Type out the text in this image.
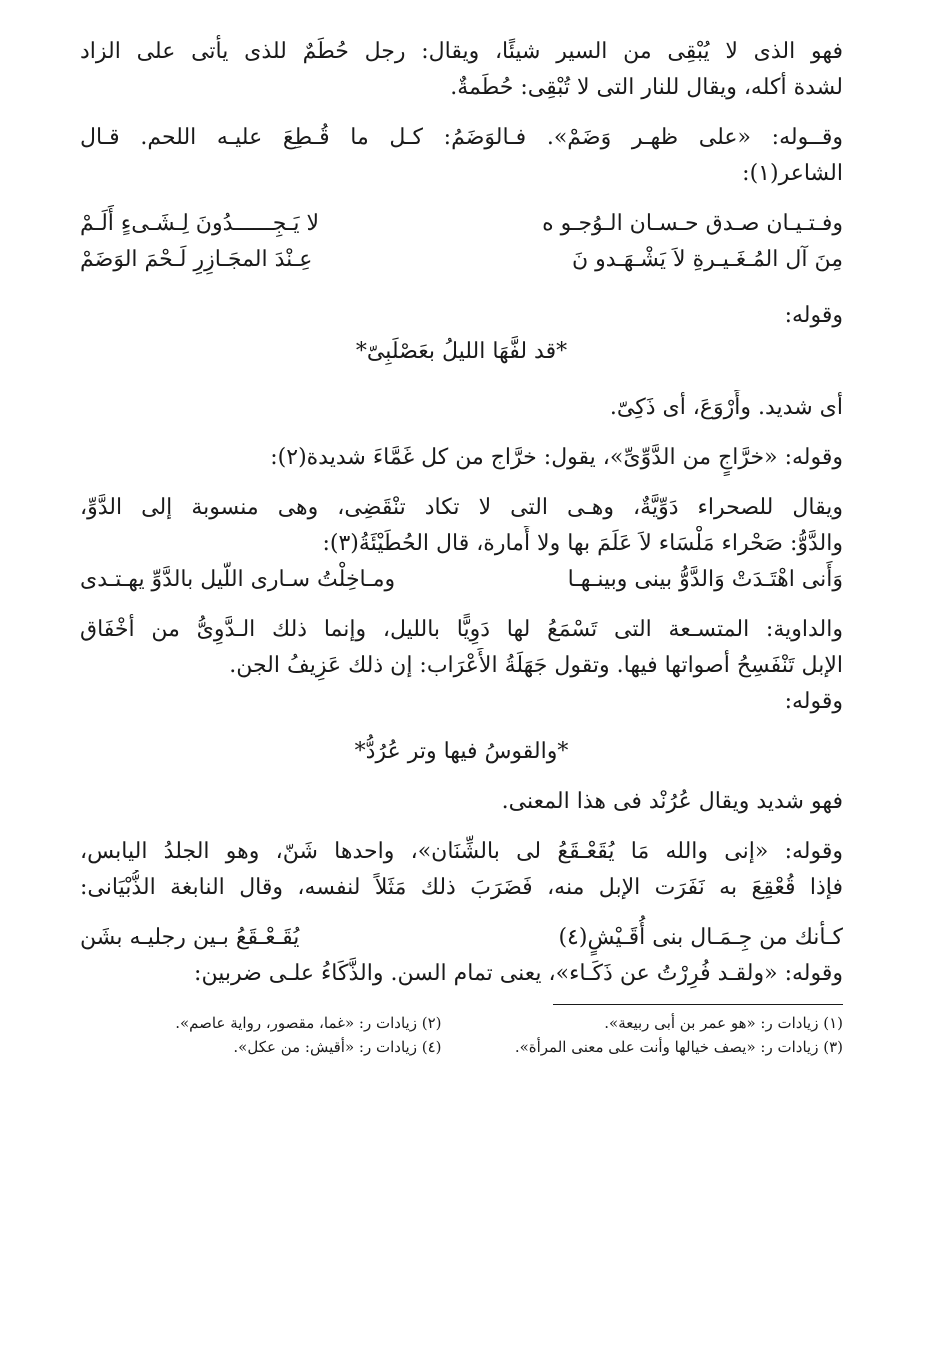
فهو الذى لا يُبْقِى من السير شيئًا، ويقال: رجل حُطَمٌ للذى يأتى على الزاد
لشدة أكله، ويقال للنار التى لا تُبْقِى: حُطَمةٌ.
وقــوله: «على ظهـر وَضَمْ». فـالوَضَمُ: كـل ما قُـطِعَ عليـه اللحم. قـال
الشاعر(١):
وفـتـيـان صـدق حـسـان الـوُجـو ه
لا يَـجِــــــدُونَ لِـشَـىءٍ أَلَـمْ
مِنَ آل المُـغَـيـرةِ لاَ يَشْـهَـدو نَ
عِـنْدَ المجَـازِرِ لَـحْمَ الوَضَمْ
وقوله:
*قد لفَّهَا الليلُ بعَصْلَبِىّ*
أى شديد. وأَرْوَعَ، أى ذَكِىّ.
وقوله: «خرَّاجٍ من الدَّوِّىِّ»، يقول: خرَّاج من كل غَمَّاءَ شديدة(٢):
ويقال للصحراء دَوِّيَّةٌ، وهـى التى لا تكاد تنْقَضِى، وهى منسوبة إلى الدَّوِّ،
والدَّوُّ: صَحْراء مَلْسَاء لاَ عَلَمَ بها ولا أَمارة، قال الحُطَيْئَةُ(٣):
وَأَنى اهْتَـدَتْ وَالدَّوُّ بينى وبينـهـا
ومـاخِلْتُ سـارى اللّيل بالدَّوِّ يهـتـدى
والداوية: المتسـعة التى تَسْمَعُ لها دَوِيًّا بالليل، وإنما ذلك الـدَّوِىُّ من أخْفَاق
الإبل تَنْفَسِحُ أصواتها فيها. وتقول جَهَلَةُ الأَعْرَاب: إن ذلك عَزِيفُ الجن.
وقوله:
*والقوسُ فيها وتر عُرُدُّ*
فهو شديد ويقال عُرُنْد فى هذا المعنى.
وقوله: «إنى والله مَا يُقَعْـقَعُ لى بالشِّنَان»، واحدها شَنّ، وهو الجلدُ اليابس،
فإذا قُعْقِعَ به نَفَرَت الإبل منه، فَضَرَبَ ذلك مَثَلاً لنفسه، وقال النابغة الذُّبْيَانى:
كـأنك من جِـمَـال بنى أُقَـيْشٍ(٤)
يُقَـعْـقَعُ بـين رجليـه بشَن
وقوله: «ولقـد فُرِرْتُ عن ذَكَـاء»، يعنى تمام السن. والذَّكَاءُ علـى ضربين:
(١) زيادات ر: «هو عمر بن أبى ربيعة».
(٢) زيادات ر: «غما، مقصور، رواية عاصم».
(٣) زيادات ر: «يصف خيالها وأنت على معنى المرأة».
(٤) زيادات ر: «أقيش: من عكل».
